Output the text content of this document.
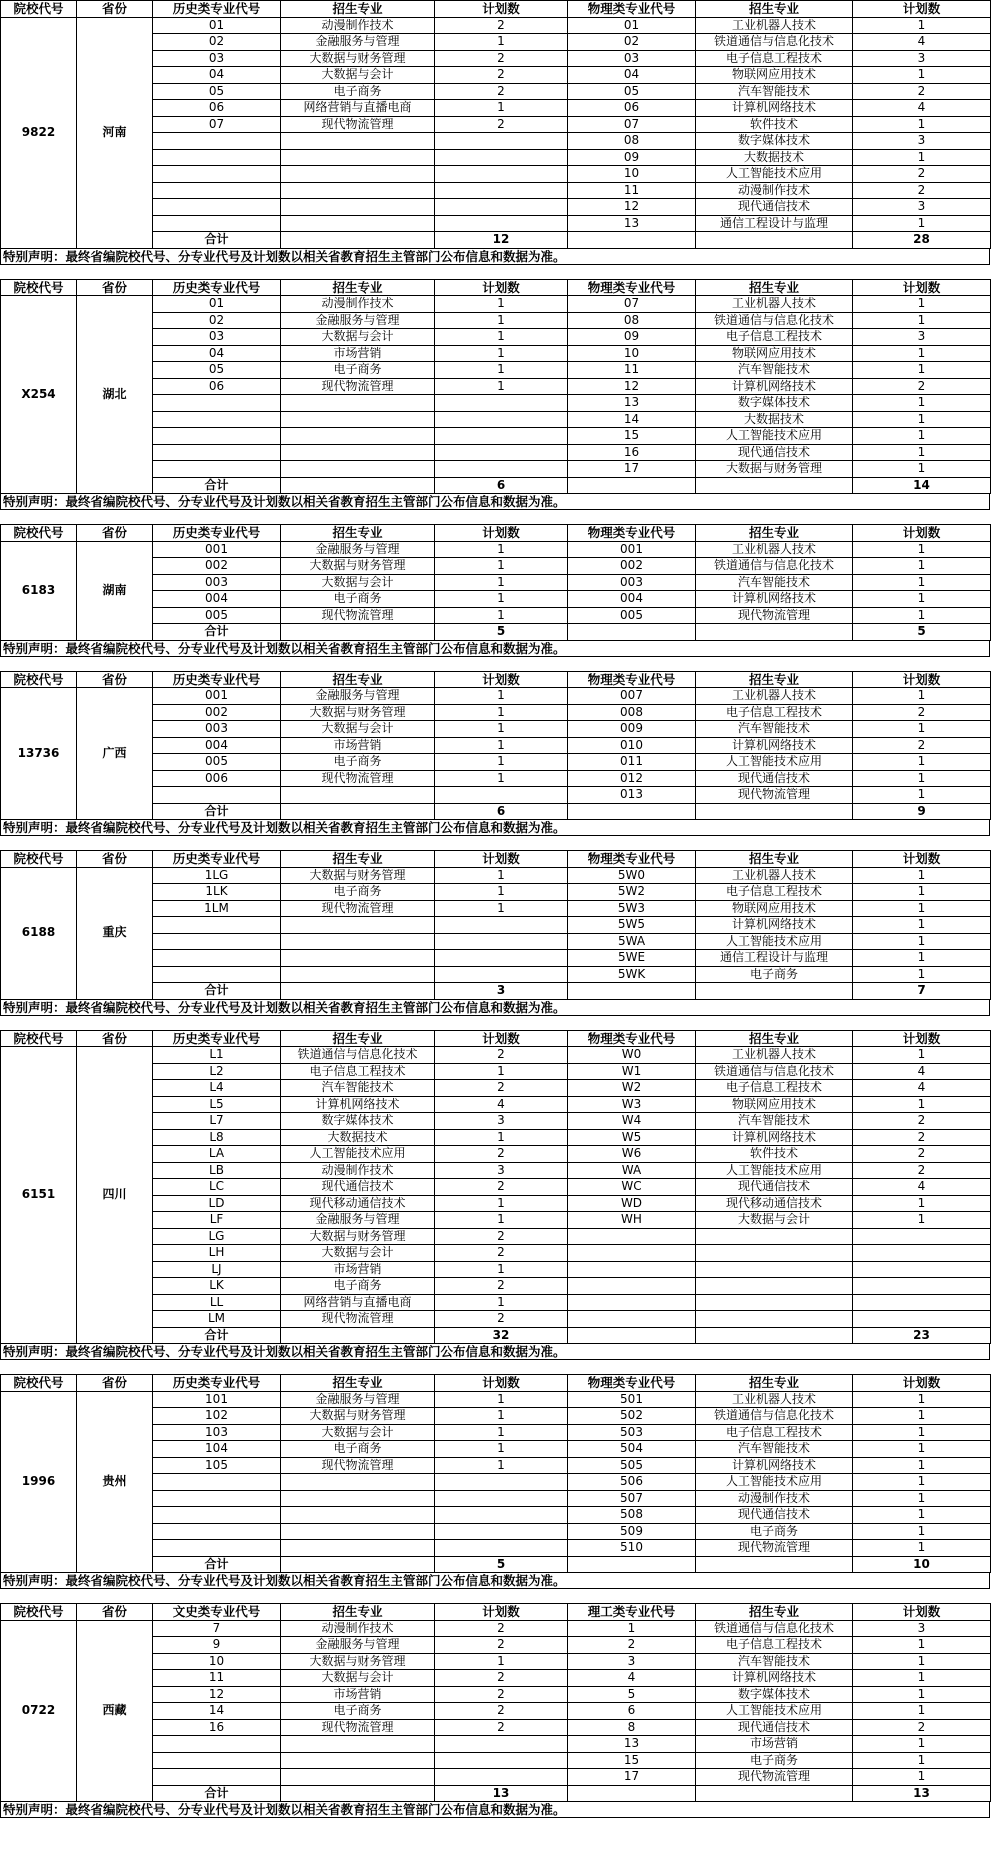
院校代号	省份	历史类专业代号	招生专业	计划数	物理类专业代号	招生专业	计划数
9822	河南	01	动漫制作技术	2	01	工业机器人技术	1
		02	金融服务与管理	1	02	铁道通信与信息化技术	4
		03	大数据与财务管理	2	03	电子信息工程技术	3
		04	大数据与会计	2	04	物联网应用技术	1
		05	电子商务	2	05	汽车智能技术	2
		06	网络营销与直播电商	1	06	计算机网络技术	4
		07	现代物流管理	2	07	软件技术	1
					08	数字媒体技术	3
					09	大数据技术	1
					10	人工智能技术应用	2
					11	动漫制作技术	2
					12	现代通信技术	3
					13	通信工程设计与监理	1
		合计		12			28
特别声明：最终省编院校代号、分专业代号及计划数以相关省教育招生主管部门公布信息和数据为准。
院校代号	省份	历史类专业代号	招生专业	计划数	物理类专业代号	招生专业	计划数
X254	湖北	01	动漫制作技术	1	07	工业机器人技术	1
		02	金融服务与管理	1	08	铁道通信与信息化技术	1
		03	大数据与会计	1	09	电子信息工程技术	3
		04	市场营销	1	10	物联网应用技术	1
		05	电子商务	1	11	汽车智能技术	1
		06	现代物流管理	1	12	计算机网络技术	2
					13	数字媒体技术	1
					14	大数据技术	1
					15	人工智能技术应用	1
					16	现代通信技术	1
					17	大数据与财务管理	1
		合计		6			14
特别声明：最终省编院校代号、分专业代号及计划数以相关省教育招生主管部门公布信息和数据为准。
院校代号	省份	历史类专业代号	招生专业	计划数	物理类专业代号	招生专业	计划数
6183	湖南	001	金融服务与管理	1	001	工业机器人技术	1
		002	大数据与财务管理	1	002	铁道通信与信息化技术	1
		003	大数据与会计	1	003	汽车智能技术	1
		004	电子商务	1	004	计算机网络技术	1
		005	现代物流管理	1	005	现代物流管理	1
		合计		5			5
特别声明：最终省编院校代号、分专业代号及计划数以相关省教育招生主管部门公布信息和数据为准。
院校代号	省份	历史类专业代号	招生专业	计划数	物理类专业代号	招生专业	计划数
13736	广西	001	金融服务与管理	1	007	工业机器人技术	1
		002	大数据与财务管理	1	008	电子信息工程技术	2
		003	大数据与会计	1	009	汽车智能技术	1
		004	市场营销	1	010	计算机网络技术	2
		005	电子商务	1	011	人工智能技术应用	1
		006	现代物流管理	1	012	现代通信技术	1
					013	现代物流管理	1
		合计		6			9
特别声明：最终省编院校代号、分专业代号及计划数以相关省教育招生主管部门公布信息和数据为准。
院校代号	省份	历史类专业代号	招生专业	计划数	物理类专业代号	招生专业	计划数
6188	重庆	1LG	大数据与财务管理	1	5W0	工业机器人技术	1
		1LK	电子商务	1	5W2	电子信息工程技术	1
		1LM	现代物流管理	1	5W3	物联网应用技术	1
					5W5	计算机网络技术	1
					5WA	人工智能技术应用	1
					5WE	通信工程设计与监理	1
					5WK	电子商务	1
		合计		3			7
特别声明：最终省编院校代号、分专业代号及计划数以相关省教育招生主管部门公布信息和数据为准。
院校代号	省份	历史类专业代号	招生专业	计划数	物理类专业代号	招生专业	计划数
6151	四川	L1	铁道通信与信息化技术	2	W0	工业机器人技术	1
		L2	电子信息工程技术	1	W1	铁道通信与信息化技术	4
		L4	汽车智能技术	2	W2	电子信息工程技术	4
		L5	计算机网络技术	4	W3	物联网应用技术	1
		L7	数字媒体技术	3	W4	汽车智能技术	2
		L8	大数据技术	1	W5	计算机网络技术	2
		LA	人工智能技术应用	2	W6	软件技术	2
		LB	动漫制作技术	3	WA	人工智能技术应用	2
		LC	现代通信技术	2	WC	现代通信技术	4
		LD	现代移动通信技术	1	WD	现代移动通信技术	1
		LF	金融服务与管理	1	WH	大数据与会计	1
		LG	大数据与财务管理	2			
		LH	大数据与会计	2			
		LJ	市场营销	1			
		LK	电子商务	2			
		LL	网络营销与直播电商	1			
		LM	现代物流管理	2			
		合计		32			23
特别声明：最终省编院校代号、分专业代号及计划数以相关省教育招生主管部门公布信息和数据为准。
院校代号	省份	历史类专业代号	招生专业	计划数	物理类专业代号	招生专业	计划数
1996	贵州	101	金融服务与管理	1	501	工业机器人技术	1
		102	大数据与财务管理	1	502	铁道通信与信息化技术	1
		103	大数据与会计	1	503	电子信息工程技术	1
		104	电子商务	1	504	汽车智能技术	1
		105	现代物流管理	1	505	计算机网络技术	1
					506	人工智能技术应用	1
					507	动漫制作技术	1
					508	现代通信技术	1
					509	电子商务	1
					510	现代物流管理	1
		合计		5			10
特别声明：最终省编院校代号、分专业代号及计划数以相关省教育招生主管部门公布信息和数据为准。
院校代号	省份	文史类专业代号	招生专业	计划数	理工类专业代号	招生专业	计划数
0722	西藏	7	动漫制作技术	2	1	铁道通信与信息化技术	3
		9	金融服务与管理	2	2	电子信息工程技术	1
		10	大数据与财务管理	1	3	汽车智能技术	1
		11	大数据与会计	2	4	计算机网络技术	1
		12	市场营销	2	5	数字媒体技术	1
		14	电子商务	2	6	人工智能技术应用	1
		16	现代物流管理	2	8	现代通信技术	2
					13	市场营销	1
					15	电子商务	1
					17	现代物流管理	1
		合计		13			13
特别声明：最终省编院校代号、分专业代号及计划数以相关省教育招生主管部门公布信息和数据为准。
